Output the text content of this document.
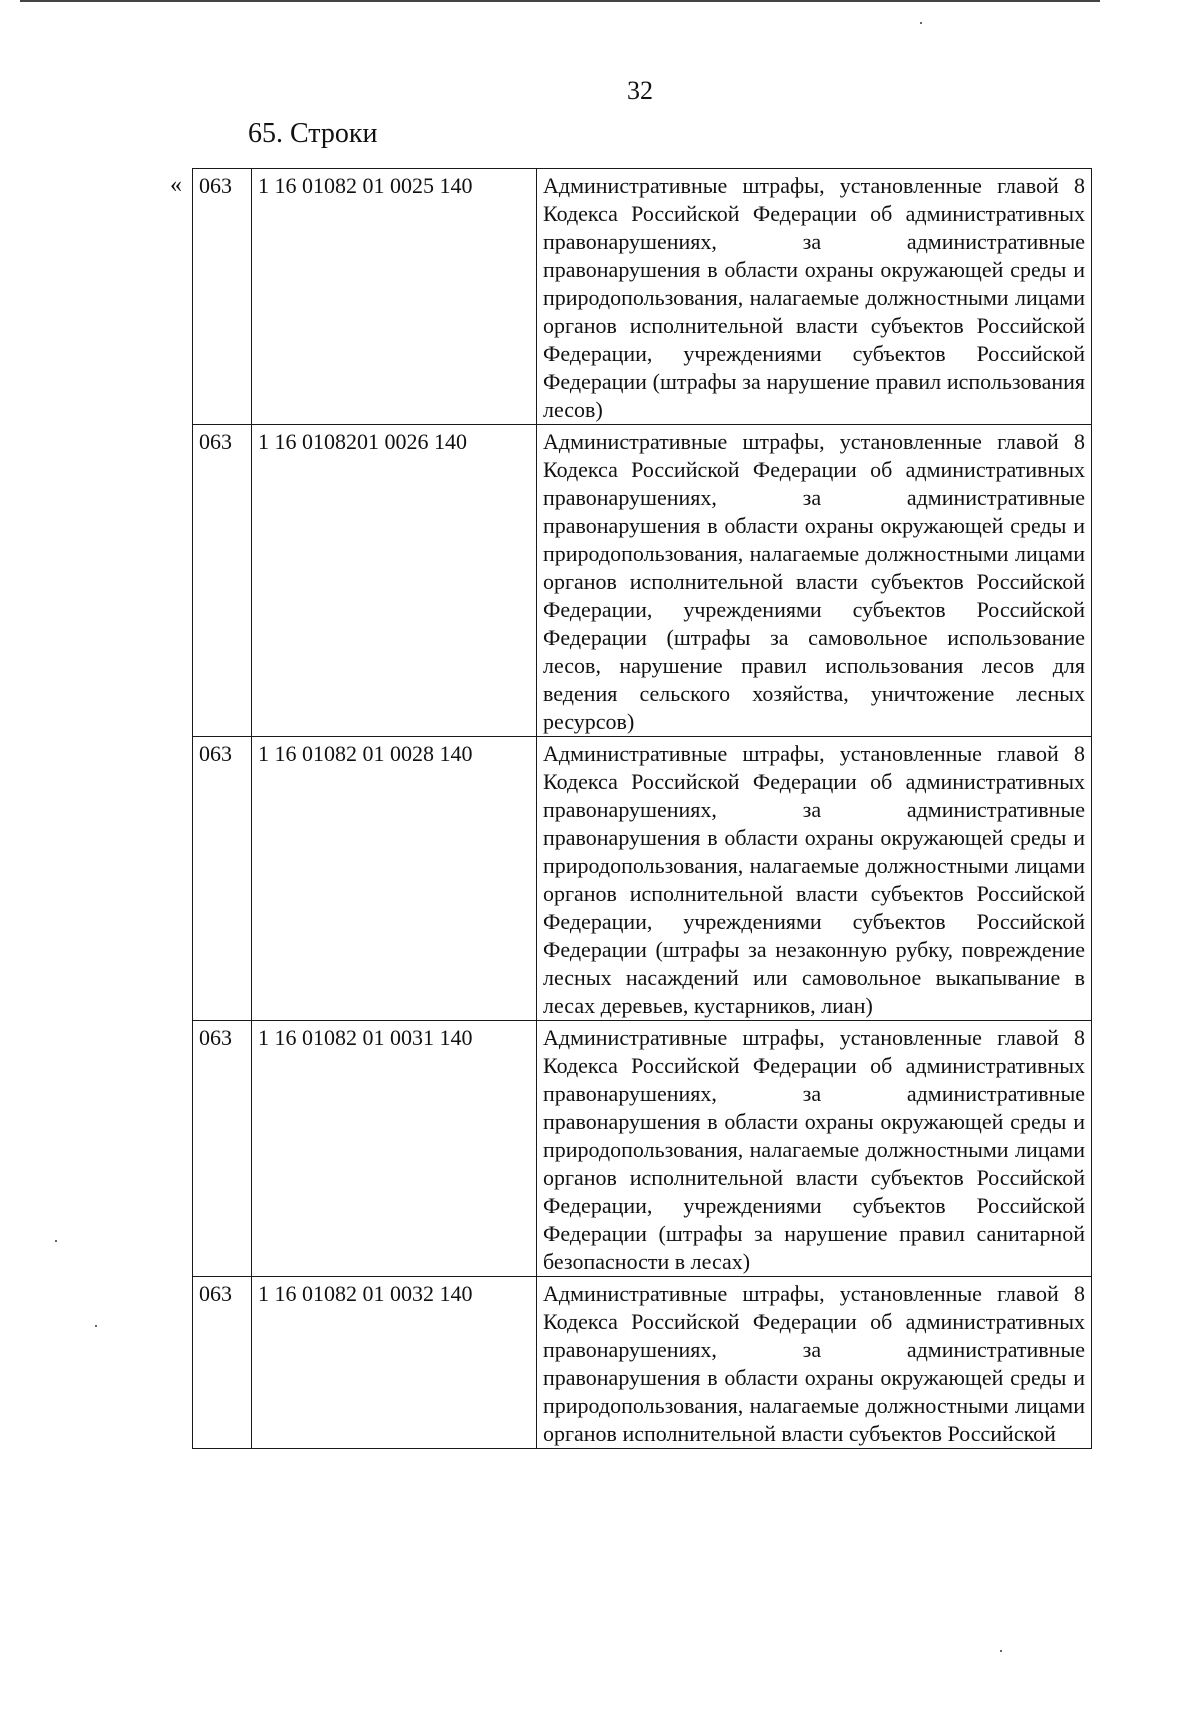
32
65. Строки
« 063	1 16 01082 01 0025 140	Административные штрафы, установленные главой 8 Кодекса Российской Федерации об административных правонарушениях, за административные правонарушения в области охраны окружающей среды и природопользования, налагаемые должностными лицами органов исполнительной власти субъектов Российской Федерации, учреждениями субъектов Российской Федерации (штрафы за нарушение правил использования лесов)
063	1 16 0108201 0026 140	Административные штрафы, установленные главой 8 Кодекса Российской Федерации об административных правонарушениях, за административные правонарушения в области охраны окружающей среды и природопользования, налагаемые должностными лицами органов исполнительной власти субъектов Российской Федерации, учреждениями субъектов Российской Федерации (штрафы за самовольное использование лесов, нарушение правил использования лесов для ведения сельского хозяйства, уничтожение лесных ресурсов)
063	1 16 01082 01 0028 140	Административные штрафы, установленные главой 8 Кодекса Российской Федерации об административных правонарушениях, за административные правонарушения в области охраны окружающей среды и природопользования, налагаемые должностными лицами органов исполнительной власти субъектов Российской Федерации, учреждениями субъектов Российской Федерации (штрафы за незаконную рубку, повреждение лесных насаждений или самовольное выкапывание в лесах деревьев, кустарников, лиан)
063	1 16 01082 01 0031 140	Административные штрафы, установленные главой 8 Кодекса Российской Федерации об административных правонарушениях, за административные правонарушения в области охраны окружающей среды и природопользования, налагаемые должностными лицами органов исполнительной власти субъектов Российской Федерации, учреждениями субъектов Российской Федерации (штрафы за нарушение правил санитарной безопасности в лесах)
063	1 16 01082 01 0032 140	Административные штрафы, установленные главой 8 Кодекса Российской Федерации об административных правонарушениях, за административные правонарушения в области охраны окружающей среды и природопользования, налагаемые должностными лицами органов исполнительной власти субъектов Российской
